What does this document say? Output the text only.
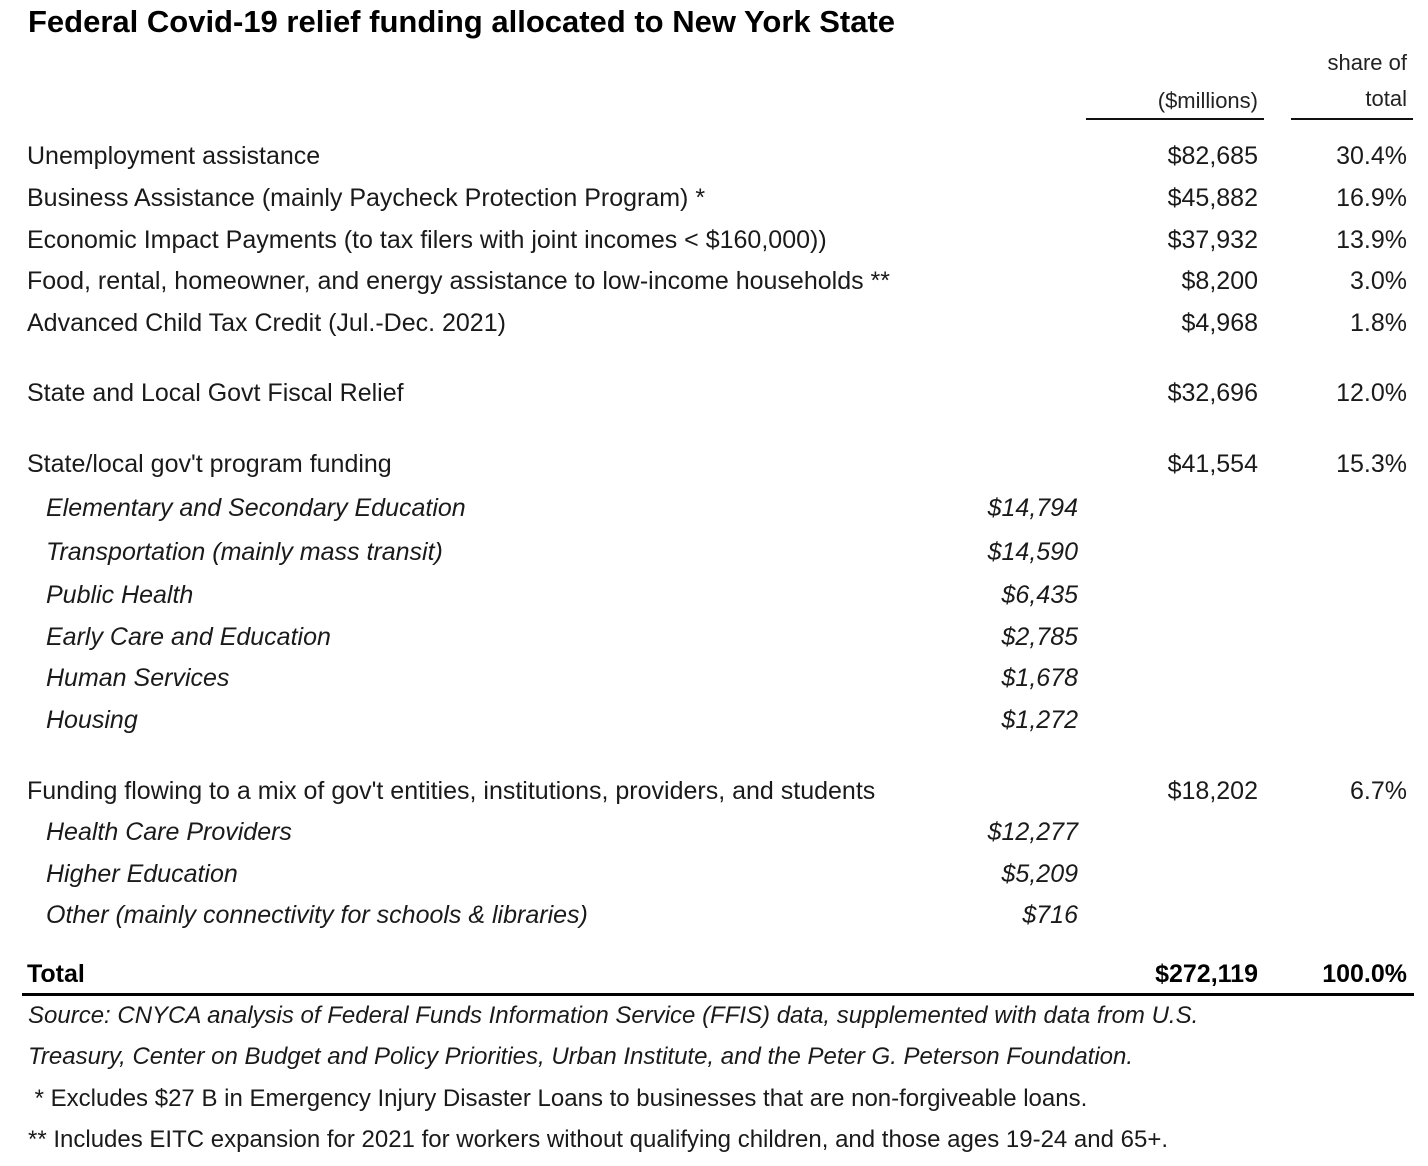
Federal Covid-19 relief funding allocated to New York State
share of
total
($millions)
Unemployment assistance	$82,685	30.4%
Business Assistance (mainly Paycheck Protection Program) *	$45,882	16.9%
Economic Impact Payments (to tax filers with joint incomes < $160,000))	$37,932	13.9%
Food, rental, homeowner, and energy assistance to low-income households **	$8,200	3.0%
Advanced Child Tax Credit (Jul.-Dec. 2021)	$4,968	1.8%
State and Local Govt Fiscal Relief	$32,696	12.0%
State/local gov't program funding	$41,554	15.3%
Elementary and Secondary Education	$14,794
Transportation (mainly mass transit)	$14,590
Public Health	$6,435
Early Care and Education	$2,785
Human Services	$1,678
Housing	$1,272
Funding flowing to a mix of gov't entities, institutions, providers, and students	$18,202	6.7%
Health Care Providers	$12,277
Higher Education	$5,209
Other (mainly connectivity for schools & libraries)	$716
Total	$272,119	100.0%
Source: CNYCA analysis of Federal Funds Information Service (FFIS) data, supplemented with data from U.S.
Treasury, Center on Budget and Policy Priorities, Urban Institute, and the Peter G. Peterson Foundation.
* Excludes $27 B in Emergency Injury Disaster Loans to businesses that are non-forgiveable loans.
** Includes EITC expansion for 2021 for workers without qualifying children, and those ages 19-24 and 65+.
